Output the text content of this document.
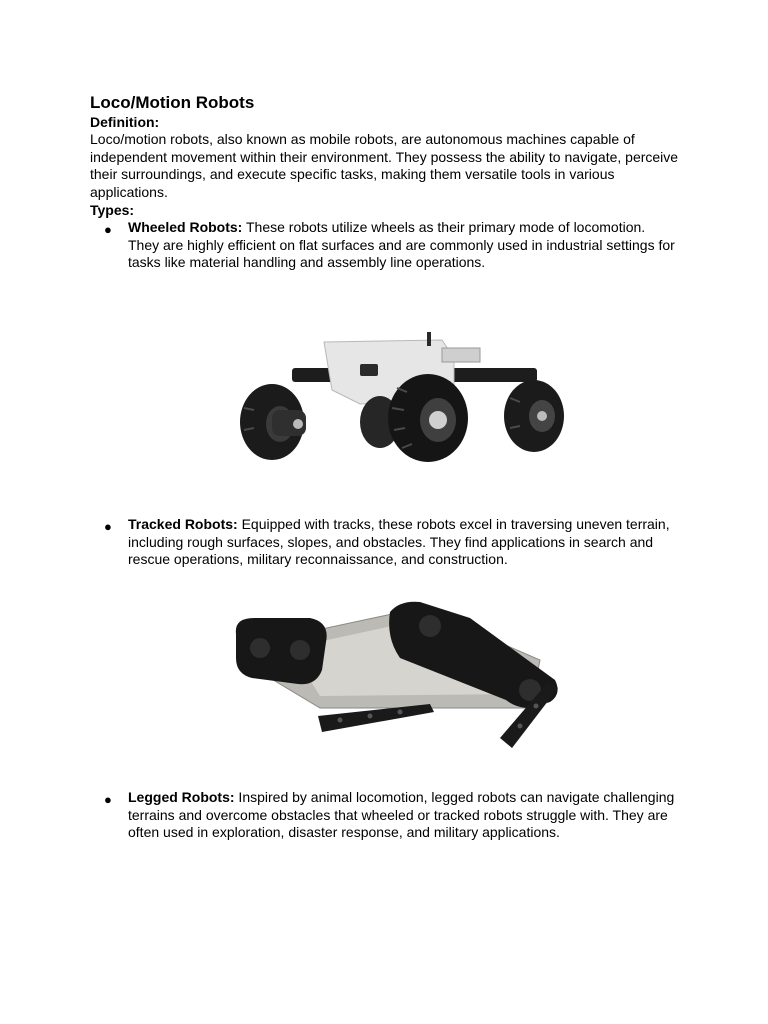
Loco/Motion Robots
Definition:

Loco/motion robots, also known as mobile robots, are autonomous machines capable of independent movement within their environment. They possess the ability to navigate, perceive their surroundings, and execute specific tasks, making them versatile tools in various applications.

Types:
● Wheeled Robots: These robots utilize wheels as their primary mode of locomotion. They are highly efficient on flat surfaces and are commonly used in industrial settings for tasks like material handling and assembly line operations.

● Tracked Robots: Equipped with tracks, these robots excel in traversing uneven terrain, including rough surfaces, slopes, and obstacles. They find applications in search and rescue operations, military reconnaissance, and construction.

● Legged Robots: Inspired by animal locomotion, legged robots can navigate challenging terrains and overcome obstacles that wheeled or tracked robots struggle with. They are often used in exploration, disaster response, and military applications.
